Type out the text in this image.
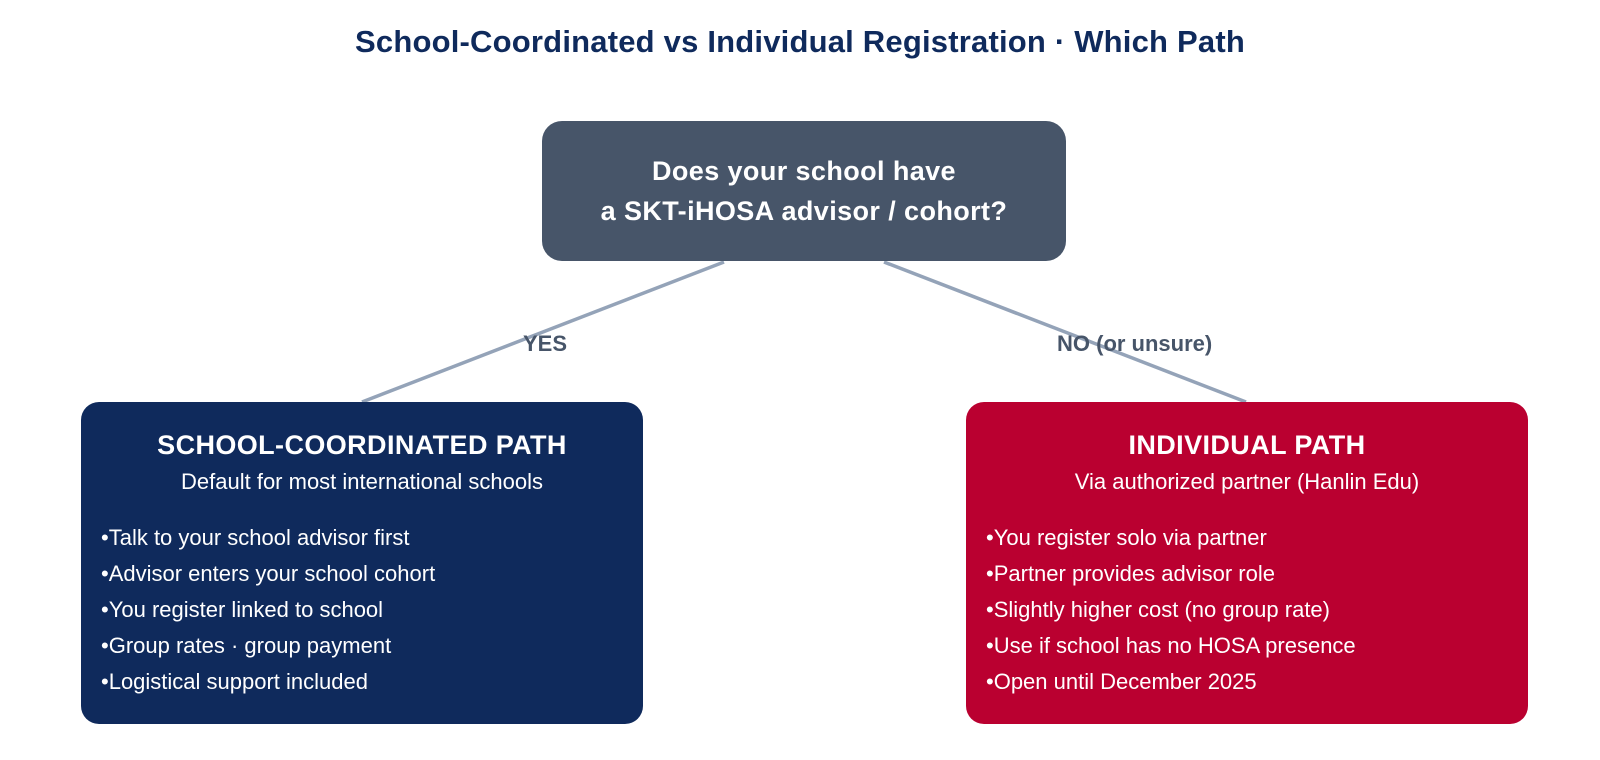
School-Coordinated vs Individual Registration · Which Path
Does your school have
a SKT-iHOSA advisor / cohort?
YES	NO (or unsure)
SCHOOL-COORDINATED PATH
Default for most international schools
• Talk to your school advisor first
• Advisor enters your school cohort
• You register linked to school
• Group rates · group payment
• Logistical support included
INDIVIDUAL PATH
Via authorized partner (Hanlin Edu)
• You register solo via partner
• Partner provides advisor role
• Slightly higher cost (no group rate)
• Use if school has no HOSA presence
• Open until December 2025
